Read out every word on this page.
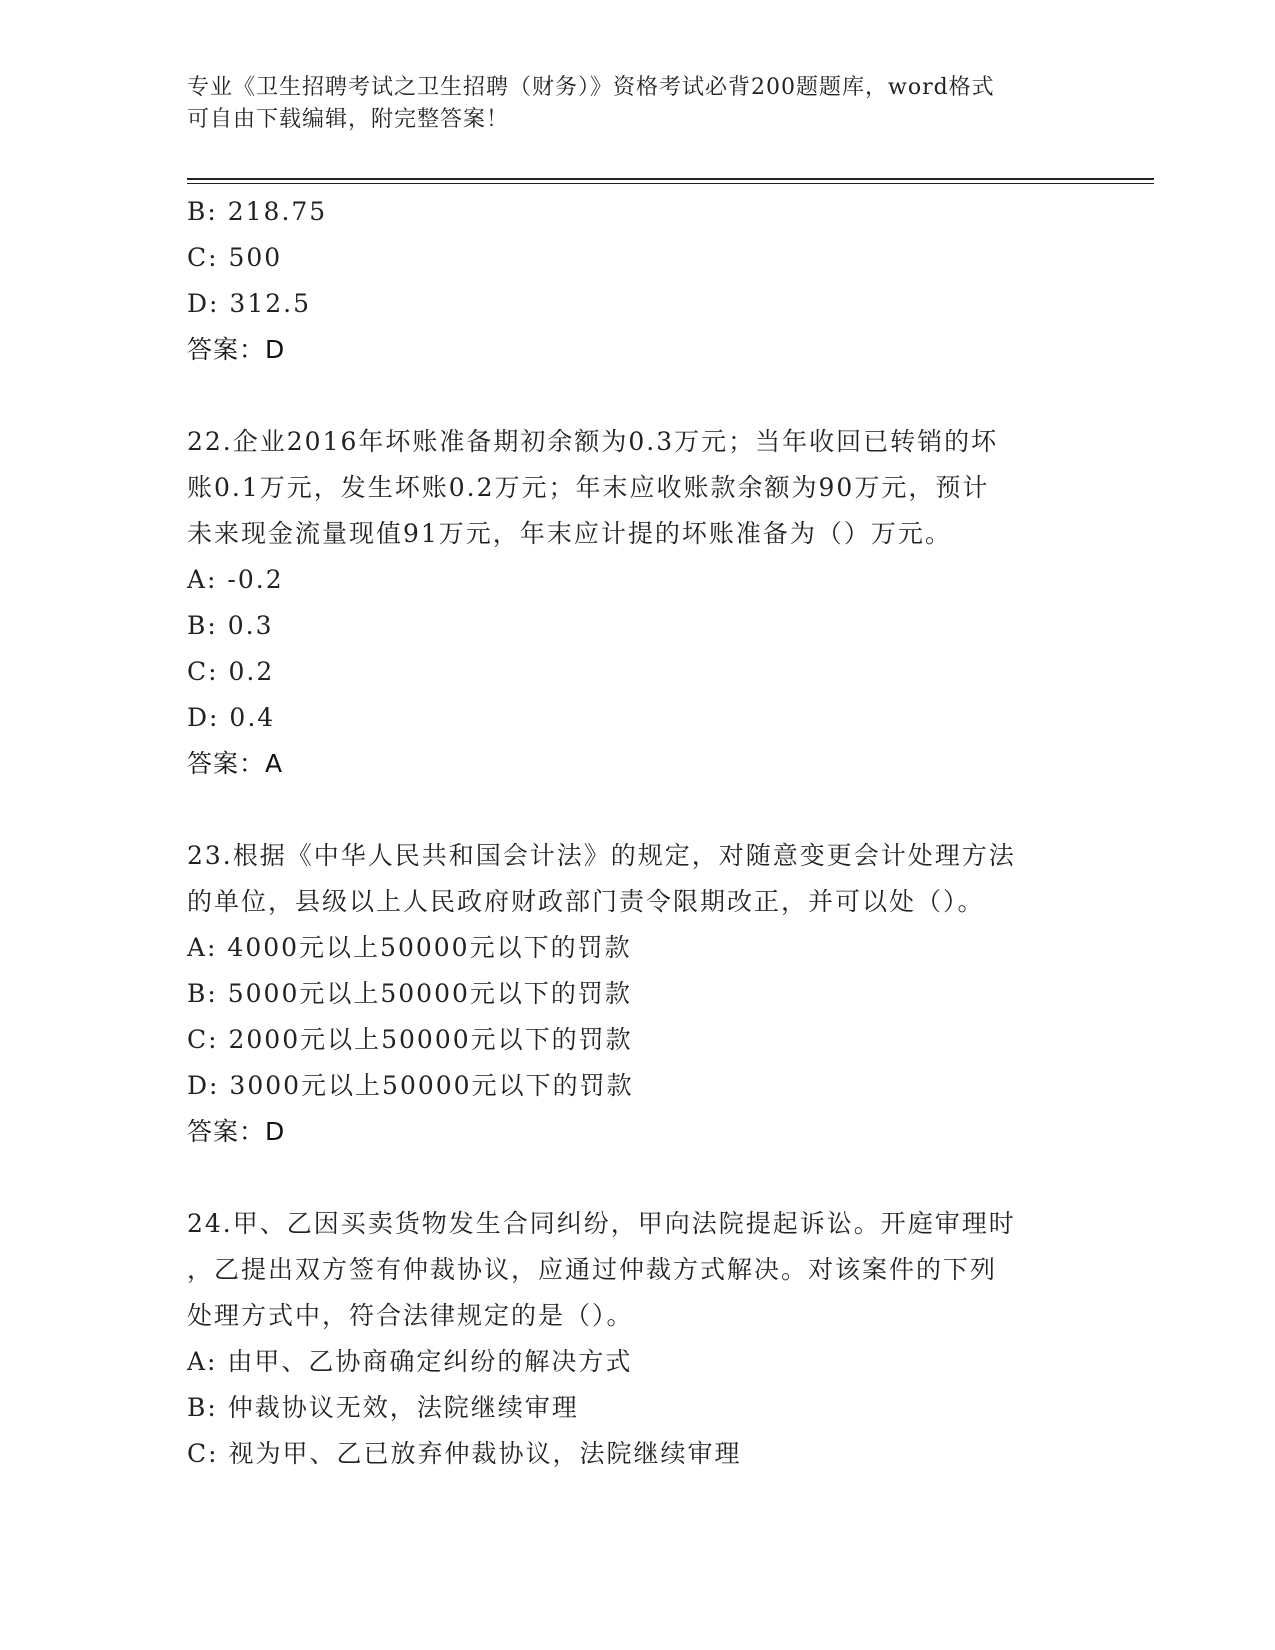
专业《卫生招聘考试之卫生招聘（财务）》资格考试必背200题题库，word格式
可自由下载编辑，附完整答案！
B: 218.75
C: 500
D: 312.5
答案：D
22.企业2016年坏账准备期初余额为0.3万元；当年收回已转销的坏
账0.1万元，发生坏账0.2万元；年末应收账款余额为90万元，预计
未来现金流量现值91万元，年末应计提的坏账准备为（）万元。
A: -0.2
B: 0.3
C: 0.2
D: 0.4
答案：A
23.根据《中华人民共和国会计法》的规定，对随意变更会计处理方法
的单位，县级以上人民政府财政部门责令限期改正，并可以处（）。
A: 4000元以上50000元以下的罚款
B: 5000元以上50000元以下的罚款
C: 2000元以上50000元以下的罚款
D: 3000元以上50000元以下的罚款
答案：D
24.甲、乙因买卖货物发生合同纠纷，甲向法院提起诉讼。开庭审理时
，乙提出双方签有仲裁协议，应通过仲裁方式解决。对该案件的下列
处理方式中，符合法律规定的是（）。
A: 由甲、乙协商确定纠纷的解决方式
B: 仲裁协议无效，法院继续审理
C: 视为甲、乙已放弃仲裁协议，法院继续审理
